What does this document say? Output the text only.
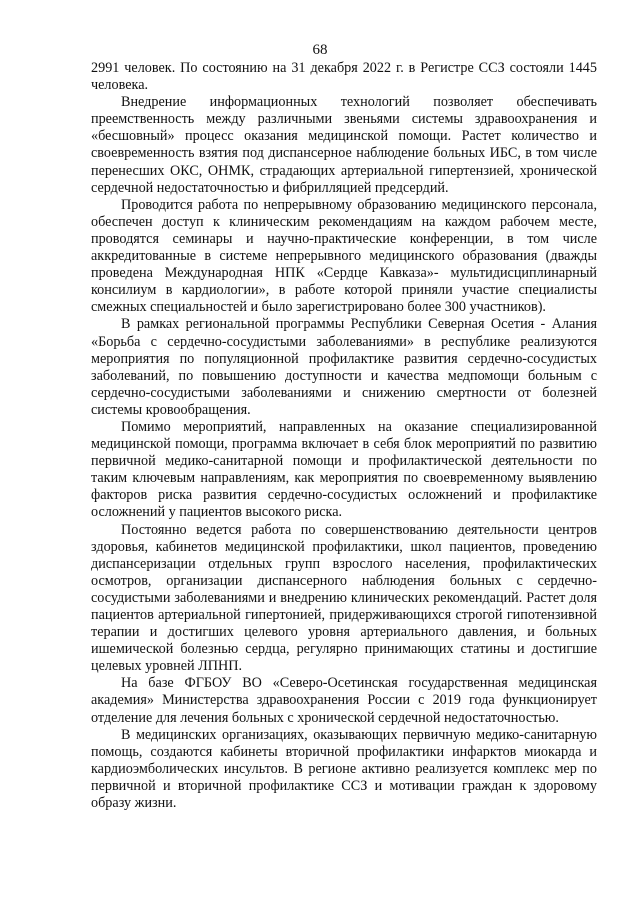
68

2991 человек. По состоянию на 31 декабря 2022 г. в Регистре ССЗ состояли 1445 человека.

Внедрение информационных технологий позволяет обеспечивать преемственность между различными звеньями системы здравоохранения и «бесшовный» процесс оказания медицинской помощи. Растет количество и своевременность взятия под диспансерное наблюдение больных ИБС, в том числе перенесших ОКС, ОНМК, страдающих артериальной гипертензией, хронической сердечной недостаточностью и фибрилляцией предсердий.

Проводится работа по непрерывному образованию медицинского персонала, обеспечен доступ к клиническим рекомендациям на каждом рабочем месте, проводятся семинары и научно-практические конференции, в том числе аккредитованные в системе непрерывного медицинского образования (дважды проведена Международная НПК «Сердце Кавказа»- мультидисциплинарный консилиум в кардиологии», в работе которой приняли участие специалисты смежных специальностей и было зарегистрировано более 300 участников).

В рамках региональной программы Республики Северная Осетия - Алания «Борьба с сердечно-сосудистыми заболеваниями» в республике реализуются мероприятия по популяционной профилактике развития сердечно-сосудистых заболеваний, по повышению доступности и качества медпомощи больным с сердечно-сосудистыми заболеваниями и снижению смертности от болезней системы кровообращения.

Помимо мероприятий, направленных на оказание специализированной медицинской помощи, программа включает в себя блок мероприятий по развитию первичной медико-санитарной помощи и профилактической деятельности по таким ключевым направлениям, как мероприятия по своевременному выявлению факторов риска развития сердечно-сосудистых осложнений и профилактике осложнений у пациентов высокого риска.

Постоянно ведется работа по совершенствованию деятельности центров здоровья, кабинетов медицинской профилактики, школ пациентов, проведению диспансеризации отдельных групп взрослого населения, профилактических осмотров, организации диспансерного наблюдения больных с сердечно-сосудистыми заболеваниями и внедрению клинических рекомендаций. Растет доля пациентов артериальной гипертонией, придерживающихся строгой гипотензивной терапии и достигших целевого уровня артериального давления, и больных ишемической болезнью сердца, регулярно принимающих статины и достигшие целевых уровней ЛПНП.

На базе ФГБОУ ВО «Северо-Осетинская государственная медицинская академия» Министерства здравоохранения России с 2019 года функционирует отделение для лечения больных с хронической сердечной недостаточностью.

В медицинских организациях, оказывающих первичную медико-санитарную помощь, создаются кабинеты вторичной профилактики инфарктов миокарда и кардиоэмболических инсультов. В регионе активно реализуется комплекс мер по первичной и вторичной профилактике ССЗ и мотивации граждан к здоровому образу жизни.
